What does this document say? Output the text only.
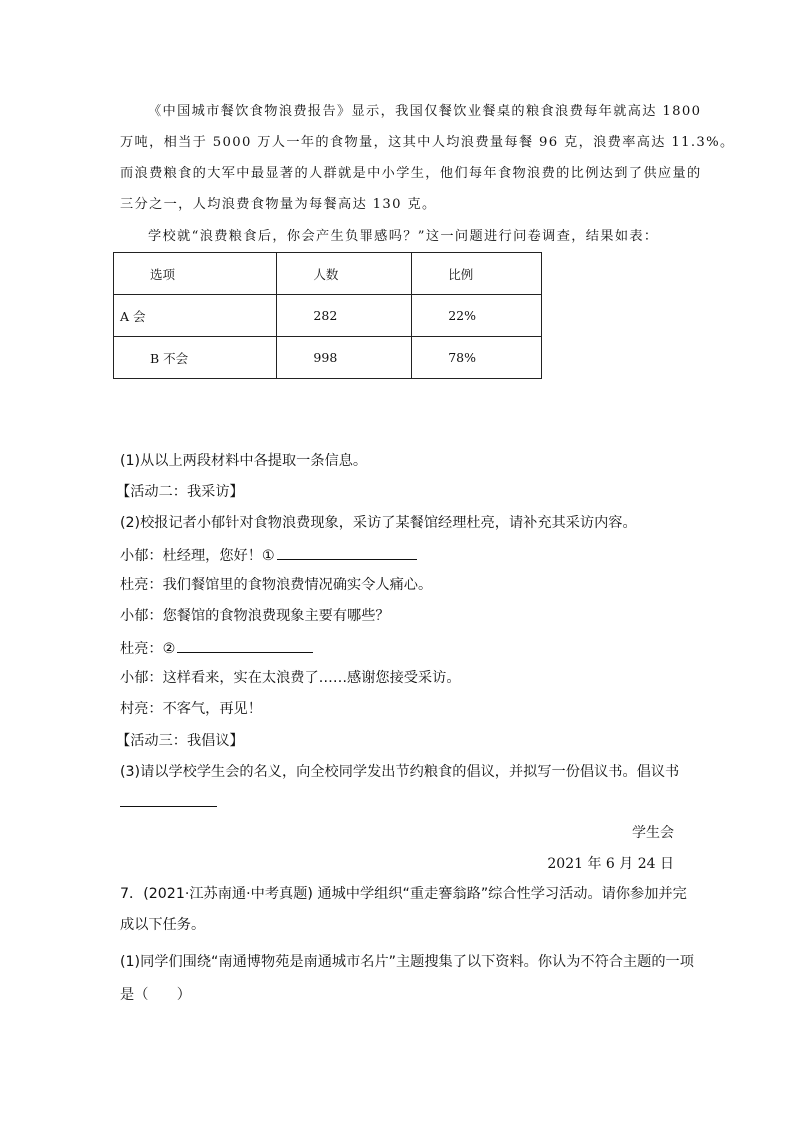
《中国城市餐饮食物浪费报告》显示，我国仅餐饮业餐桌的粮食浪费每年就高达 1800
万吨，相当于 5000 万人一年的食物量，这其中人均浪费量每餐 96 克，浪费率高达 11.3%。
而浪费粮食的大军中最显著的人群就是中小学生，他们每年食物浪费的比例达到了供应量的
三分之一，人均浪费食物量为每餐高达 130 克。
学校就“浪费粮食后，你会产生负罪感吗？”这一问题进行问卷调查，结果如表：
选项	人数	比例
A 会	282	22%
B 不会	998	78%
(1)从以上两段材料中各提取一条信息。
【活动二：我采访】
(2)校报记者小郁针对食物浪费现象，采访了某餐馆经理杜亮，请补充其采访内容。
小郁：杜经理，您好！①
杜亮：我们餐馆里的食物浪费情况确实令人痛心。
小郁：您餐馆的食物浪费现象主要有哪些？
杜亮：②
小郁：这样看来，实在太浪费了……感谢您接受采访。
村亮：不客气，再见！
【活动三：我倡议】
(3)请以学校学生会的名义，向全校同学发出节约粮食的倡议，并拟写一份倡议书。倡议书
学生会
2021 年 6 月 24 日
7．(2021·江苏南通·中考真题) 通城中学组织“重走謇翁路”综合性学习活动。请你参加并完
成以下任务。
(1)同学们围绕“南通博物苑是南通城市名片”主题搜集了以下资料。你认为不符合主题的一项
是（　　）
